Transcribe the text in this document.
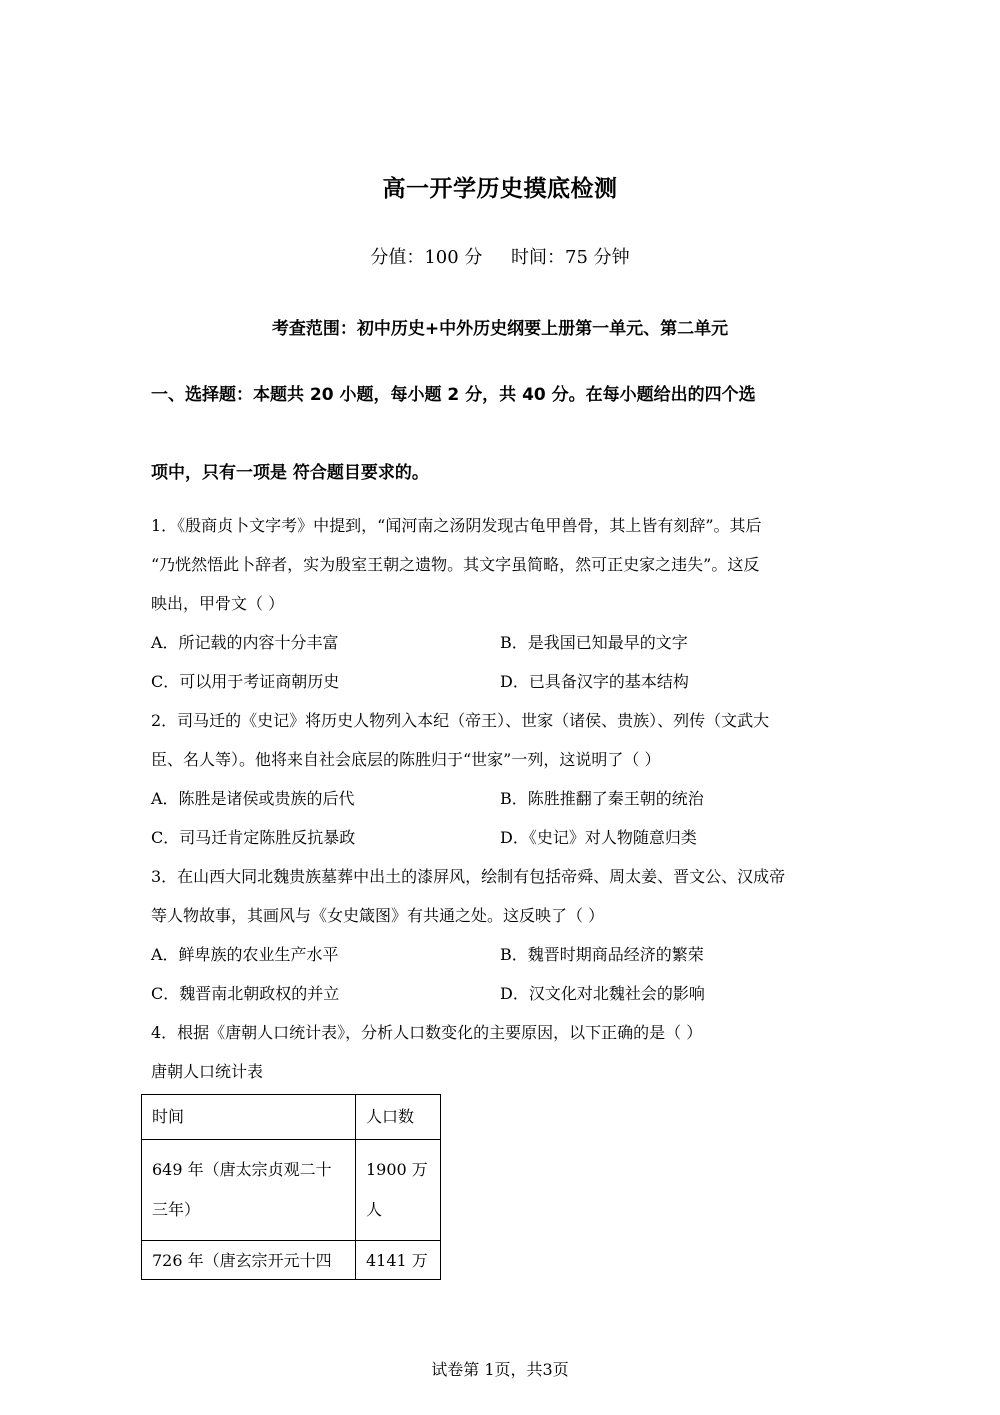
高一开学历史摸底检测
分值：100 分     时间：75 分钟
考查范围：初中历史+中外历史纲要上册第一单元、第二单元
一、选择题：本题共 20 小题，每小题 2 分，共 40 分。在每小题给出的四个选
项中，只有一项是 符合题目要求的。
1．《殷商贞卜文字考》中提到，“闻河南之汤阴发现古龟甲兽骨，其上皆有刻辞”。其后
“乃恍然悟此卜辞者，实为殷室王朝之遗物。其文字虽简略，然可正史家之违失”。这反
映出，甲骨文（ ）
A．所记载的内容十分丰富	B．是我国已知最早的文字
C．可以用于考证商朝历史	D．已具备汉字的基本结构
2．司马迁的《史记》将历史人物列入本纪（帝王）、世家（诸侯、贵族）、列传（文武大
臣、名人等）。他将来自社会底层的陈胜归于“世家”一列，这说明了（ ）
A．陈胜是诸侯或贵族的后代	B．陈胜推翻了秦王朝的统治
C．司马迁肯定陈胜反抗暴政	D．《史记》对人物随意归类
3．在山西大同北魏贵族墓葬中出土的漆屏风，绘制有包括帝舜、周太姜、晋文公、汉成帝
等人物故事，其画风与《女史箴图》有共通之处。这反映了（ ）
A．鲜卑族的农业生产水平	B．魏晋时期商品经济的繁荣
C．魏晋南北朝政权的并立	D．汉文化对北魏社会的影响
4．根据《唐朝人口统计表》，分析人口数变化的主要原因，以下正确的是（ ）
唐朝人口统计表
时间	人口数
649 年（唐太宗贞观二十三年）	1900 万人
726 年（唐玄宗开元十四	4141 万
试卷第 1页，共3页
